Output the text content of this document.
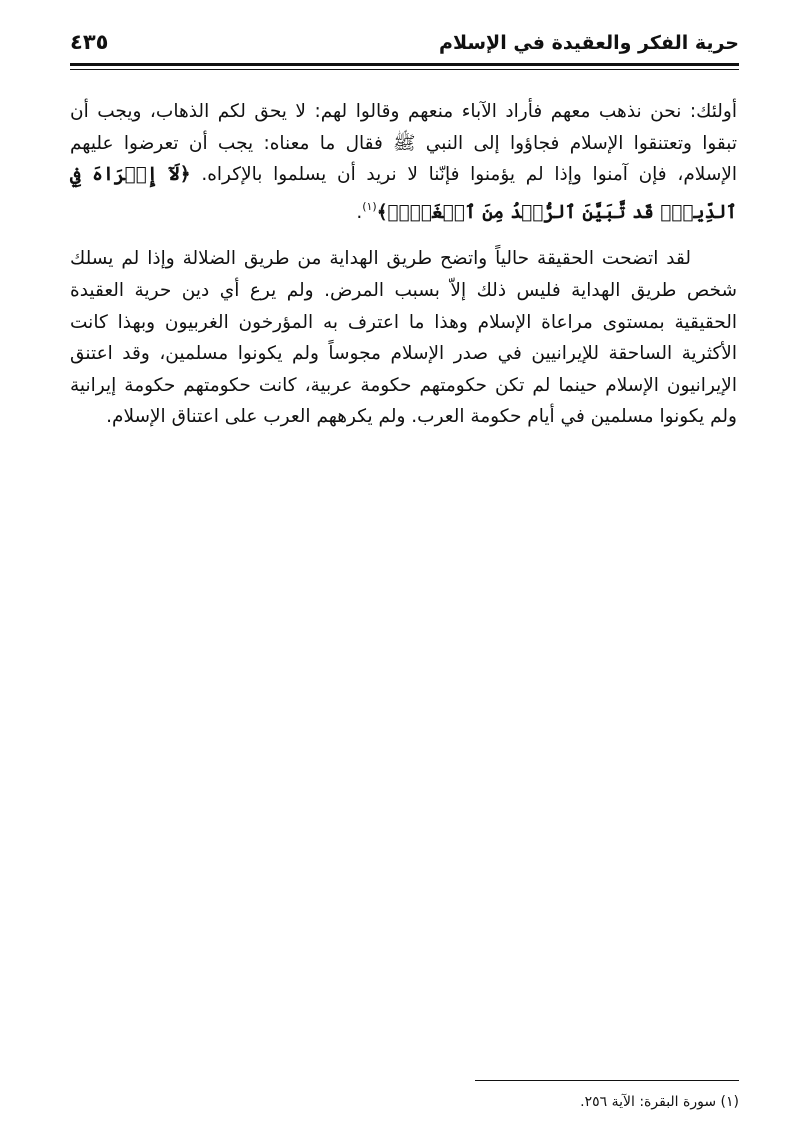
حرية الفكر والعقيدة في الإسلام
٤٣٥

أولئك: نحن نذهب معهم فأراد الآباء منعهم وقالوا لهم: لا يحق لكم الذهاب، ويجب أن تبقوا وتعتنقوا الإسلام فجاؤوا إلى النبي ﷺ فقال ما معناه: يجب أن تعرضوا عليهم الإسلام، فإن آمنوا وإذا لم يؤمنوا فإنّنا لا نريد أن يسلموا بالإكراه. ﴿لَآ إِكۡرَاهَ فِي ٱلدِّينِۖ قَد تَّبَيَّنَ ٱلرُّشۡدُ مِنَ ٱلۡغَيِّۚ﴾$^{(١)}$.

لقد اتضحت الحقيقة حالياً واتضح طريق الهداية من طريق الضلالة وإذا لم يسلك شخص طريق الهداية فليس ذلك إلاّ بسبب المرض. ولم يرع أي دين حرية العقيدة الحقيقية بمستوى مراعاة الإسلام وهذا ما اعترف به المؤرخون الغربيون وبهذا كانت الأكثرية الساحقة للإيرانيين في صدر الإسلام مجوساً ولم يكونوا مسلمين، وقد اعتنق الإيرانيون الإسلام حينما لم تكن حكومتهم حكومة عربية، كانت حكومتهم حكومة إيرانية ولم يكونوا مسلمين في أيام حكومة العرب. ولم يكرههم العرب على اعتناق الإسلام.

(١) سورة البقرة: الآية ٢٥٦.
